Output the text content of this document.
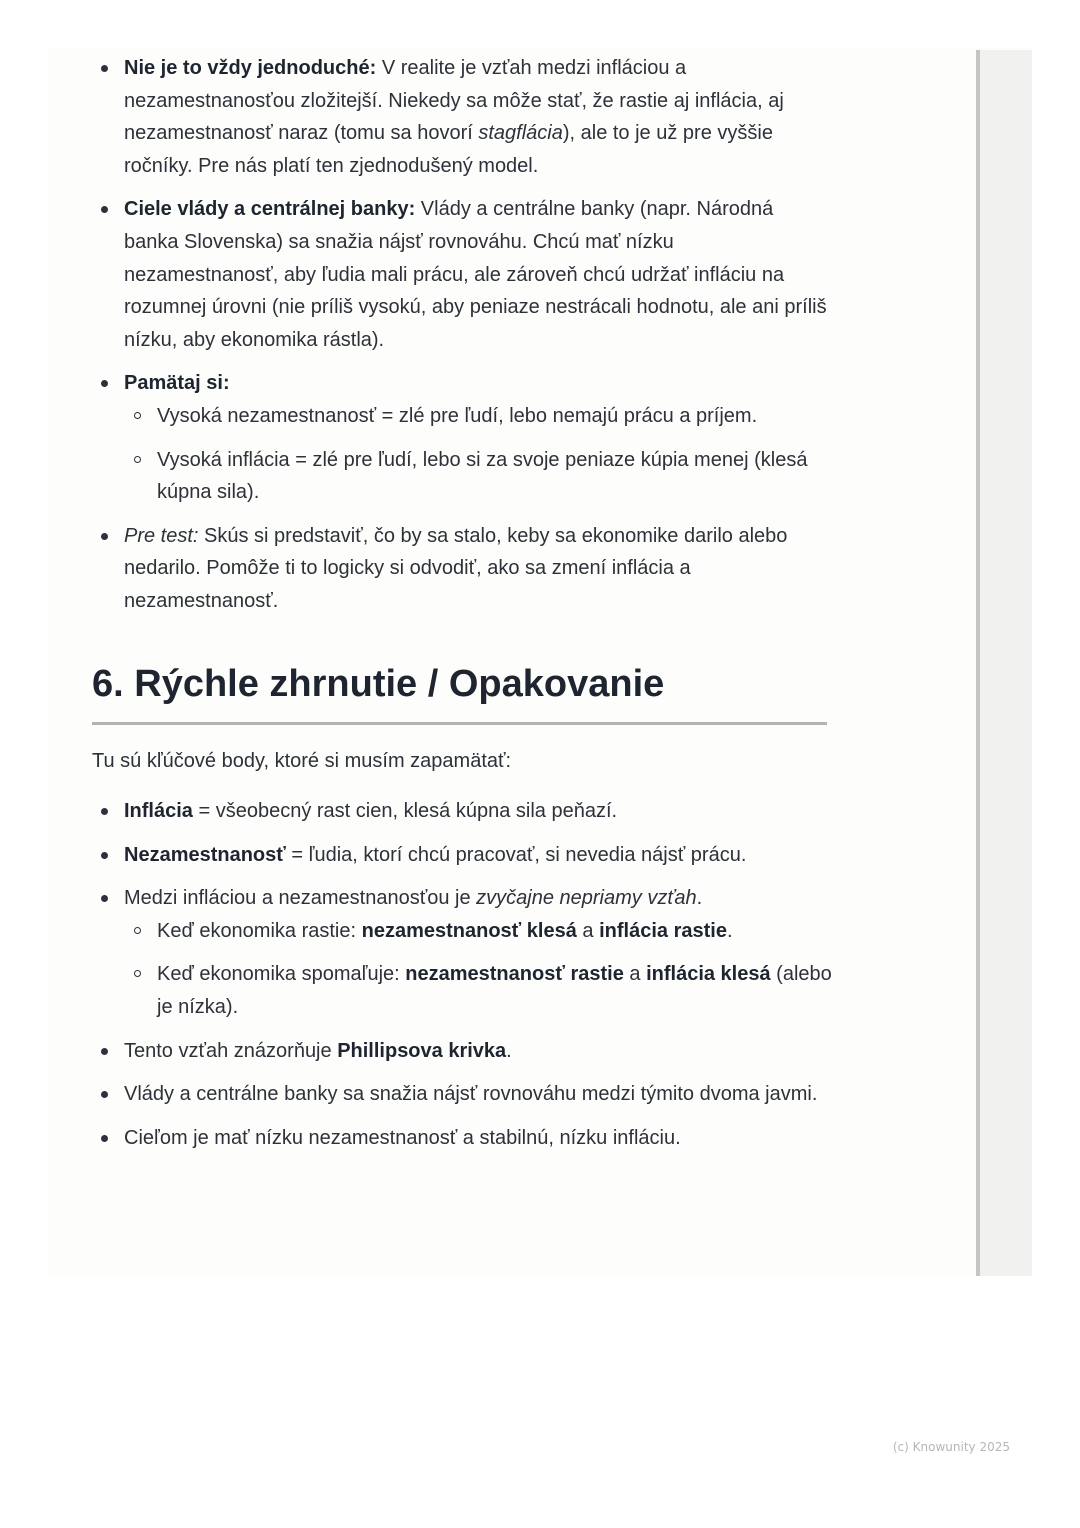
Nie je to vždy jednoduché: V realite je vzťah medzi infláciou a nezamestnanosťou zložitejší. Niekedy sa môže stať, že rastie aj inflácia, aj nezamestnanosť naraz (tomu sa hovorí stagflácia), ale to je už pre vyššie ročníky. Pre nás platí ten zjednodušený model.
Ciele vlády a centrálnej banky: Vlády a centrálne banky (napr. Národná banka Slovenska) sa snažia nájsť rovnováhu. Chcú mať nízku nezamestnanosť, aby ľudia mali prácu, ale zároveň chcú udržať infláciu na rozumnej úrovni (nie príliš vysokú, aby peniaze nestrácali hodnotu, ale ani príliš nízku, aby ekonomika rástla).
Pamätaj si:
Vysoká nezamestnanosť = zlé pre ľudí, lebo nemajú prácu a príjem.
Vysoká inflácia = zlé pre ľudí, lebo si za svoje peniaze kúpia menej (klesá kúpna sila).
Pre test: Skús si predstaviť, čo by sa stalo, keby sa ekonomike darilo alebo nedarilo. Pomôže ti to logicky si odvodiť, ako sa zmení inflácia a nezamestnanosť.
6. Rýchle zhrnutie / Opakovanie

Tu sú kľúčové body, ktoré si musím zapamätať:

Inflácia = všeobecný rast cien, klesá kúpna sila peňazí.
Nezamestnanosť = ľudia, ktorí chcú pracovať, si nevedia nájsť prácu.
Medzi infláciou a nezamestnanosťou je zvyčajne nepriamy vzťah.
Keď ekonomika rastie: nezamestnanosť klesá a inflácia rastie.
Keď ekonomika spomaľuje: nezamestnanosť rastie a inflácia klesá (alebo je nízka).
Tento vzťah znázorňuje Phillipsova krivka.
Vlády a centrálne banky sa snažia nájsť rovnováhu medzi týmito dvoma javmi.
Cieľom je mať nízku nezamestnanosť a stabilnú, nízku infláciu.
(c) Knowunity 2025
